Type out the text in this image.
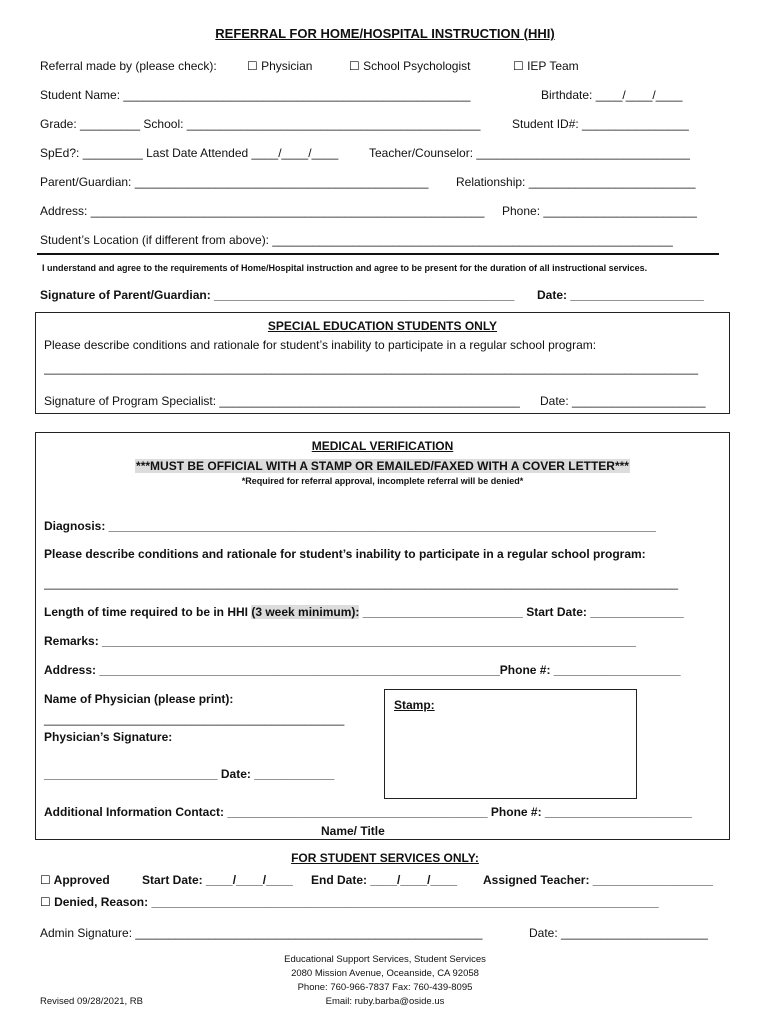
REFERRAL FOR HOME/HOSPITAL INSTRUCTION (HHI)
Referral made by (please check):	☐ Physician	☐ School Psychologist	☐ IEP Team
Student Name: ____________________________________________________	Birthdate: ____/____/____
Grade: _________ School: ____________________________________________	Student ID#: ________________
SpEd?: _________ Last Date Attended ____/____/____	Teacher/Counselor: ________________________________
Parent/Guardian: ____________________________________________ Relationship: _________________________
Address: ___________________________________________________________ Phone: _______________________
Student’s Location (if different from above): ____________________________________________________________
I understand and agree to the requirements of Home/Hospital instruction and agree to be present for the duration of all instructional services.
Signature of Parent/Guardian: _____________________________________________ Date: ____________________
SPECIAL EDUCATION STUDENTS ONLY
Please describe conditions and rationale for student’s inability to participate in a regular school program:
__________________________________________________________________________________________________
Signature of Program Specialist: _____________________________________________ Date: ____________________
MEDICAL VERIFICATION
***MUST BE OFFICIAL WITH A STAMP OR EMAILED/FAXED WITH A COVER LETTER***
*Required for referral approval, incomplete referral will be denied*
Diagnosis: __________________________________________________________________________________
Please describe conditions and rationale for student’s inability to participate in a regular school program:
_______________________________________________________________________________________________
Length of time required to be in HHI (3 week minimum): ________________________ Start Date: ______________
Remarks: ________________________________________________________________________________
Address: ____________________________________________________________Phone #: ___________________
Name of Physician (please print):
_____________________________________________
Physician’s Signature:
__________________________ Date: ____________
Stamp:
Additional Information Contact: _______________________________________ Phone #: ______________________
Name/ Title
FOR STUDENT SERVICES ONLY:
☐ Approved	Start Date: ____/____/____ End Date: ____/____/____ Assigned Teacher: __________________
☐ Denied, Reason: ____________________________________________________________________________
Admin Signature: ____________________________________________________	Date: ______________________
Educational Support Services, Student Services
2080 Mission Avenue, Oceanside, CA 92058
Phone: 760-966-7837 Fax: 760-439-8095
Email: ruby.barba@oside.us
Revised 09/28/2021, RB
